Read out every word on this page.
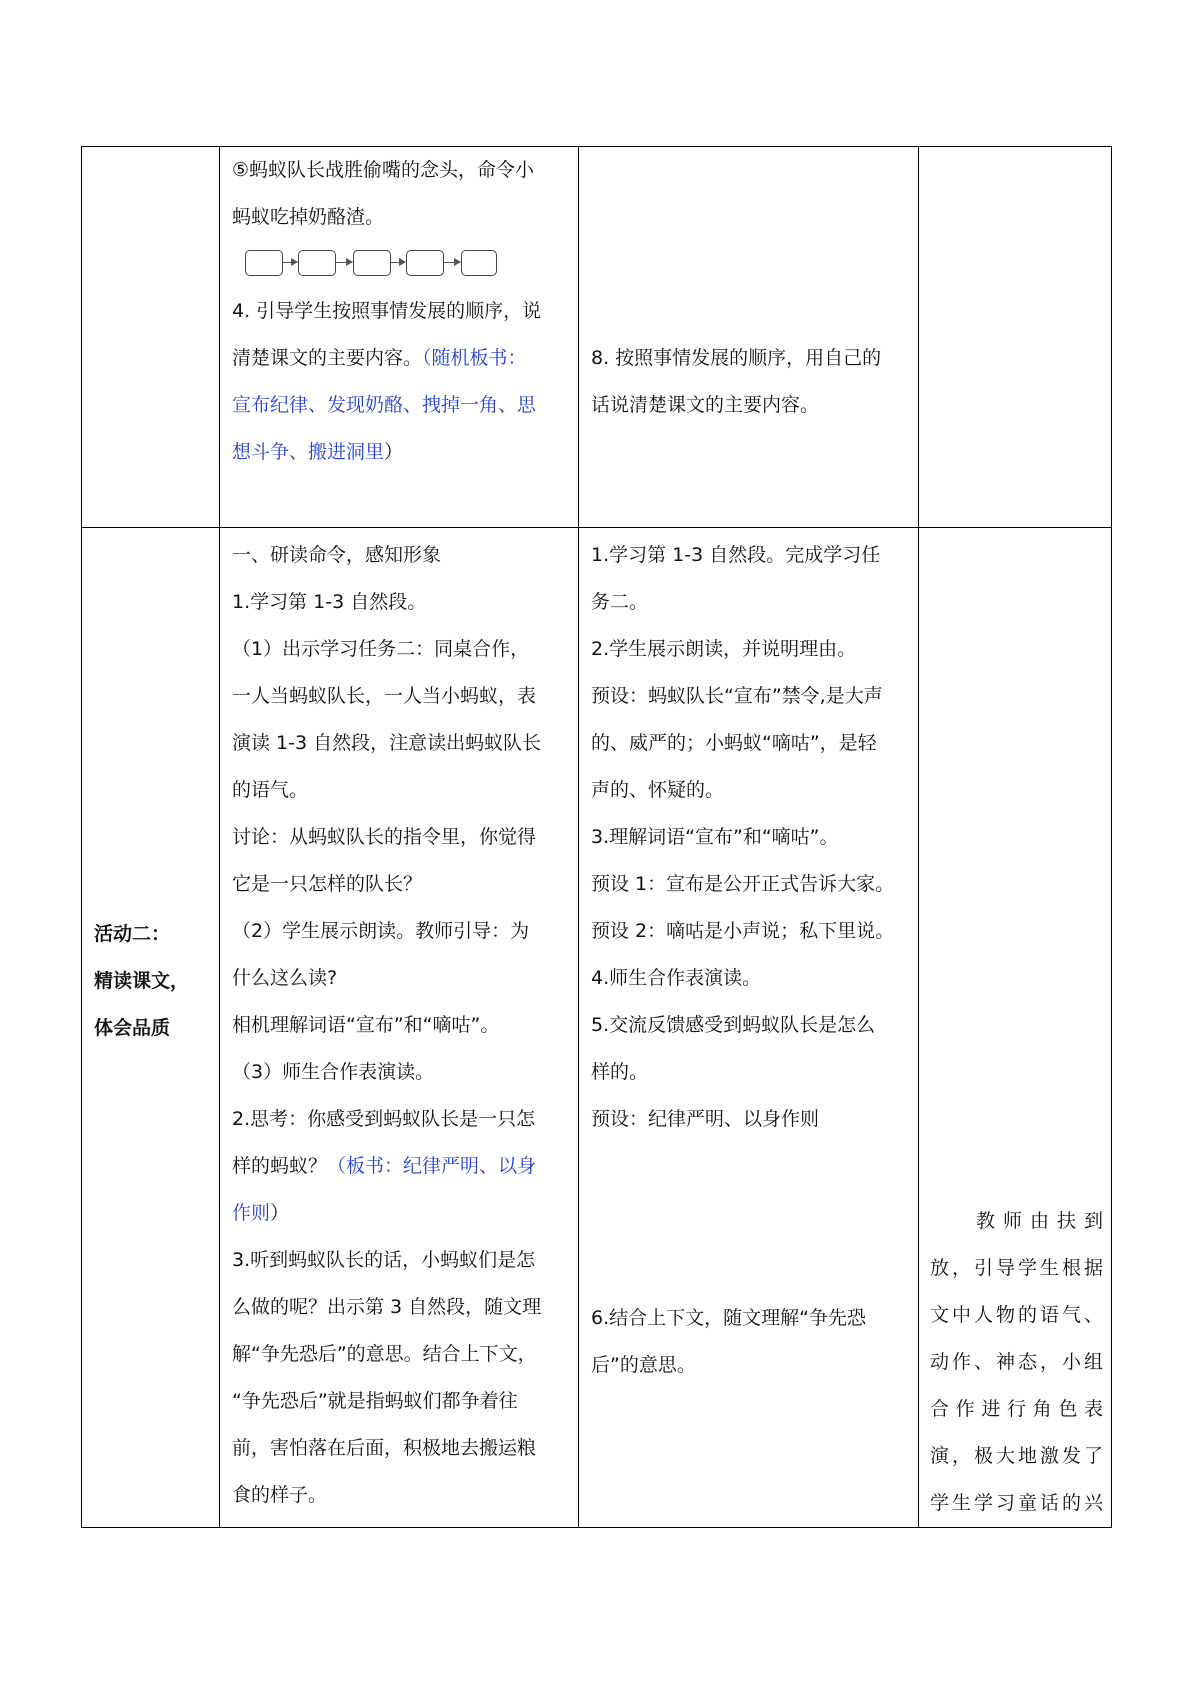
⑤蚂蚁队长战胜偷嘴的念头，命令小

蚂蚁吃掉奶酪渣。

4. 引导学生按照事情发展的顺序，说

清楚课文的主要内容。（随机板书：

宣布纪律、发现奶酪、拽掉一角、思

想斗争、搬进洞里）

8. 按照事情发展的顺序，用自己的

话说清楚课文的主要内容。

活动二：

精读课文，

体会品质

一、研读命令，感知形象

1.学习第 1-3 自然段。

（1）出示学习任务二：同桌合作，

一人当蚂蚁队长，一人当小蚂蚁，表

演读 1-3 自然段，注意读出蚂蚁队长

的语气。

讨论：从蚂蚁队长的指令里，你觉得

它是一只怎样的队长？

（2）学生展示朗读。教师引导：为

什么这么读?

相机理解词语“宣布”和“嘀咕”。

（3）师生合作表演读。

2.思考：你感受到蚂蚁队长是一只怎

样的蚂蚁？（板书：纪律严明、以身

作则）

3.听到蚂蚁队长的话，小蚂蚁们是怎

么做的呢？出示第 3 自然段，随文理

解“争先恐后”的意思。结合上下文，

“争先恐后”就是指蚂蚁们都争着往

前，害怕落在后面，积极地去搬运粮

食的样子。

1.学习第 1-3 自然段。完成学习任

务二。

2.学生展示朗读，并说明理由。

预设：蚂蚁队长“宣布”禁令,是大声

的、威严的；小蚂蚁“嘀咕”，是轻

声的、怀疑的。

3.理解词语“宣布”和“嘀咕”。

预设 1：宣布是公开正式告诉大家。

预设 2：嘀咕是小声说；私下里说。

4.师生合作表演读。

5.交流反馈感受到蚂蚁队长是怎么

样的。

预设：纪律严明、以身作则

6.结合上下文，随文理解“争先恐

后”的意思。

教师由扶到

放，引导学生根据

文中人物的语气、

动作、神态，小组

合作进行角色表

演，极大地激发了

学生学习童话的兴
